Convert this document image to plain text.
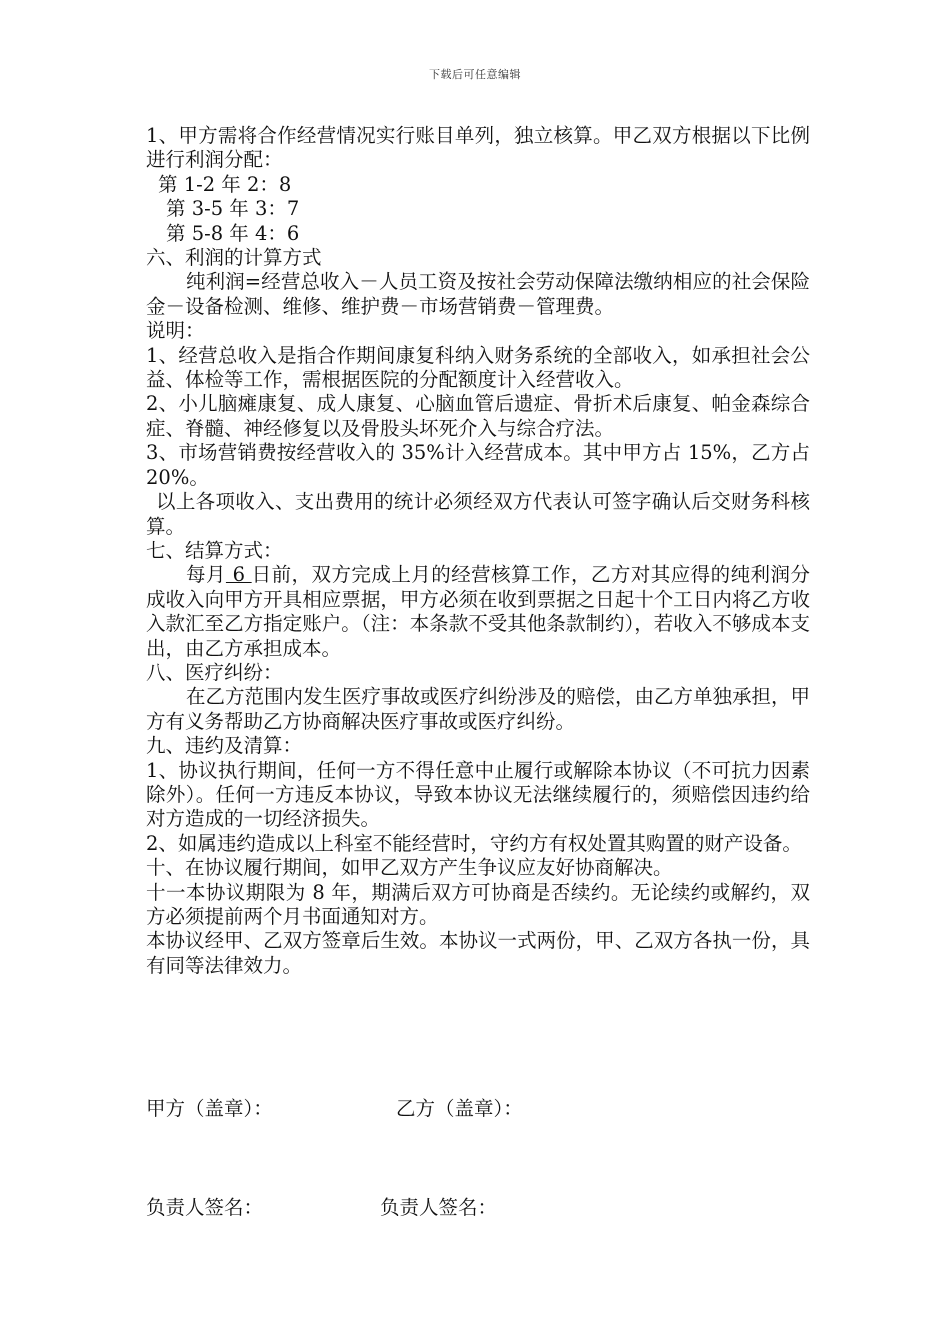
下载后可任意编辑

1、甲方需将合作经营情况实行账目单列，独立核算。甲乙双方根据以下比例进行利润分配：

第 1-2 年 2：8

第 3-5 年 3：7

第 5-8 年 4：6

六、利润的计算方式

纯利润=经营总收入－人员工资及按社会劳动保障法缴纳相应的社会保险金－设备检测、维修、维护费－市场营销费－管理费。

说明：

1、经营总收入是指合作期间康复科纳入财务系统的全部收入，如承担社会公益、体检等工作，需根据医院的分配额度计入经营收入。

2、小儿脑瘫康复、成人康复、心脑血管后遗症、骨折术后康复、帕金森综合症、脊髓、神经修复以及骨股头坏死介入与综合疗法。

3、市场营销费按经营收入的 35%计入经营成本。其中甲方占 15%，乙方占 20%。

以上各项收入、支出费用的统计必须经双方代表认可签字确认后交财务科核算。

七、结算方式：

每月 6 日前，双方完成上月的经营核算工作，乙方对其应得的纯利润分成收入向甲方开具相应票据，甲方必须在收到票据之日起十个工日内将乙方收入款汇至乙方指定账户。（注：本条款不受其他条款制约），若收入不够成本支出，由乙方承担成本。

八、医疗纠纷：

在乙方范围内发生医疗事故或医疗纠纷涉及的赔偿，由乙方单独承担，甲方有义务帮助乙方协商解决医疗事故或医疗纠纷。

九、违约及清算：

1、协议执行期间，任何一方不得任意中止履行或解除本协议（不可抗力因素除外）。任何一方违反本协议，导致本协议无法继续履行的，须赔偿因违约给对方造成的一切经济损失。

2、如属违约造成以上科室不能经营时，守约方有权处置其购置的财产设备。

十、在协议履行期间，如甲乙双方产生争议应友好协商解决。

十一本协议期限为 8 年，期满后双方可协商是否续约。无论续约或解约，双方必须提前两个月书面通知对方。

本协议经甲、乙双方签章后生效。本协议一式两份，甲、乙双方各执一份，具有同等法律效力。

甲方（盖章）：	乙方（盖章）：
负责人签名：	负责人签名：
